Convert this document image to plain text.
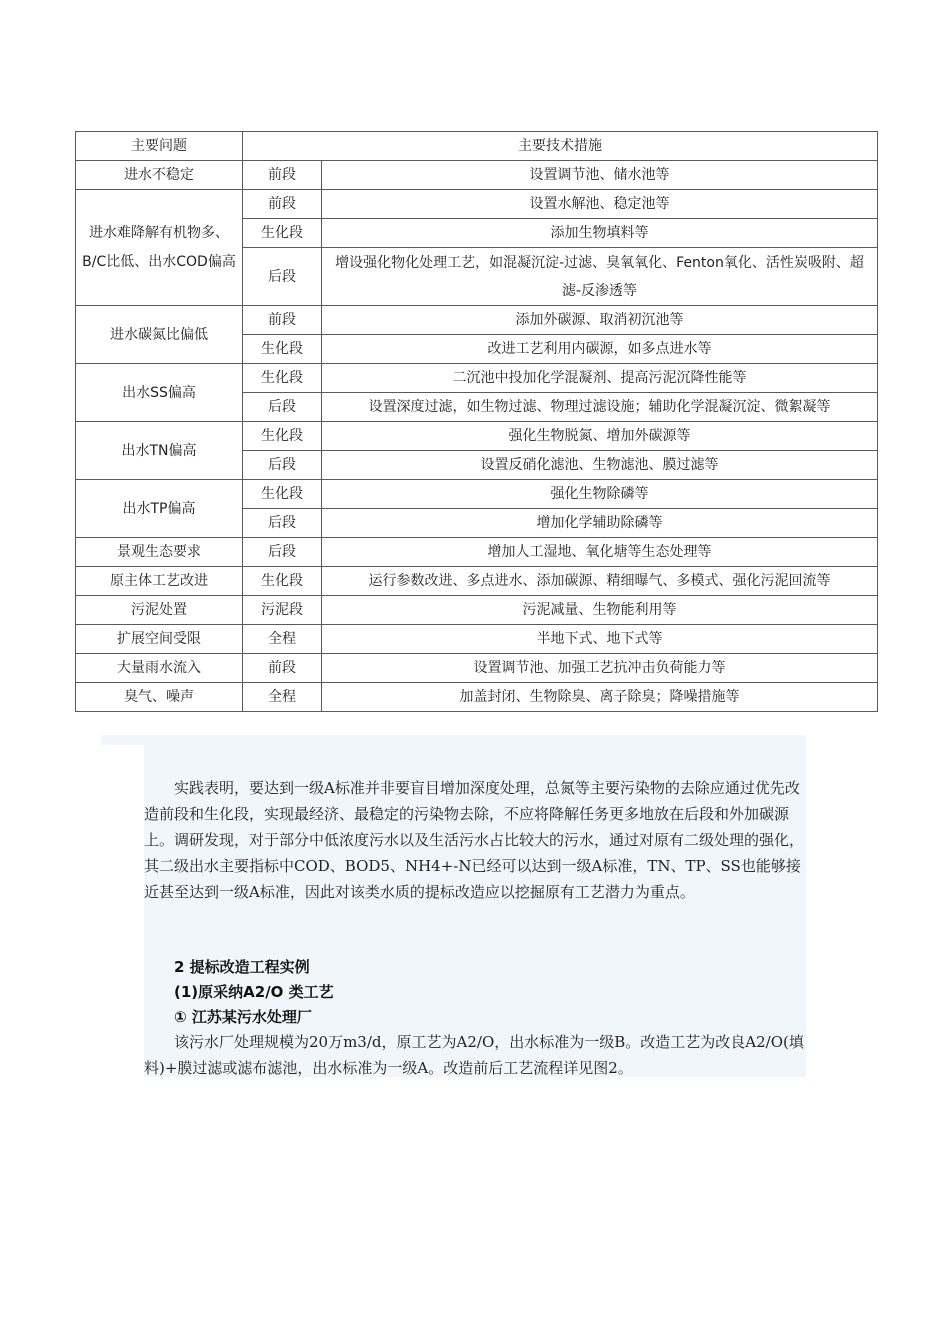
主要问题	主要技术措施	
进水不稳定	前段	设置调节池、储水池等
进水难降解有机物多、B/C比低、出水COD偏高	前段	设置水解池、稳定池等
	生化段	添加生物填料等
	后段	增设强化物化处理工艺，如混凝沉淀-过滤、臭氧氧化、Fenton氧化、活性炭吸附、超滤-反渗透等
进水碳氮比偏低	前段	添加外碳源、取消初沉池等
	生化段	改进工艺利用内碳源，如多点进水等
出水SS偏高	生化段	二沉池中投加化学混凝剂、提高污泥沉降性能等
	后段	设置深度过滤，如生物过滤、物理过滤设施；辅助化学混凝沉淀、微絮凝等
出水TN偏高	生化段	强化生物脱氮、增加外碳源等
	后段	设置反硝化滤池、生物滤池、膜过滤等
出水TP偏高	生化段	强化生物除磷等
	后段	增加化学辅助除磷等
景观生态要求	后段	增加人工湿地、氧化塘等生态处理等
原主体工艺改进	生化段	运行参数改进、多点进水、添加碳源、精细曝气、多模式、强化污泥回流等
污泥处置	污泥段	污泥减量、生物能利用等
扩展空间受限	全程	半地下式、地下式等
大量雨水流入	前段	设置调节池、加强工艺抗冲击负荷能力等
臭气、噪声	全程	加盖封闭、生物除臭、离子除臭；降噪措施等

实践表明，要达到一级A标准并非要盲目增加深度处理，总氮等主要污染物的去除应通过优先改造前段和生化段，实现最经济、最稳定的污染物去除，不应将降解任务更多地放在后段和外加碳源上。调研发现，对于部分中低浓度污水以及生活污水占比较大的污水，通过对原有二级处理的强化，其二级出水主要指标中COD、BOD5、NH4+-N已经可以达到一级A标准，TN、TP、SS也能够接近甚至达到一级A标准，因此对该类水质的提标改造应以挖掘原有工艺潜力为重点。

2 提标改造工程实例

(1)原采纳A2/O 类工艺

① 江苏某污水处理厂

该污水厂处理规模为20万m3/d，原工艺为A2/O，出水标准为一级B。改造工艺为改良A2/O(填料)+膜过滤或滤布滤池，出水标准为一级A。改造前后工艺流程详见图2。
